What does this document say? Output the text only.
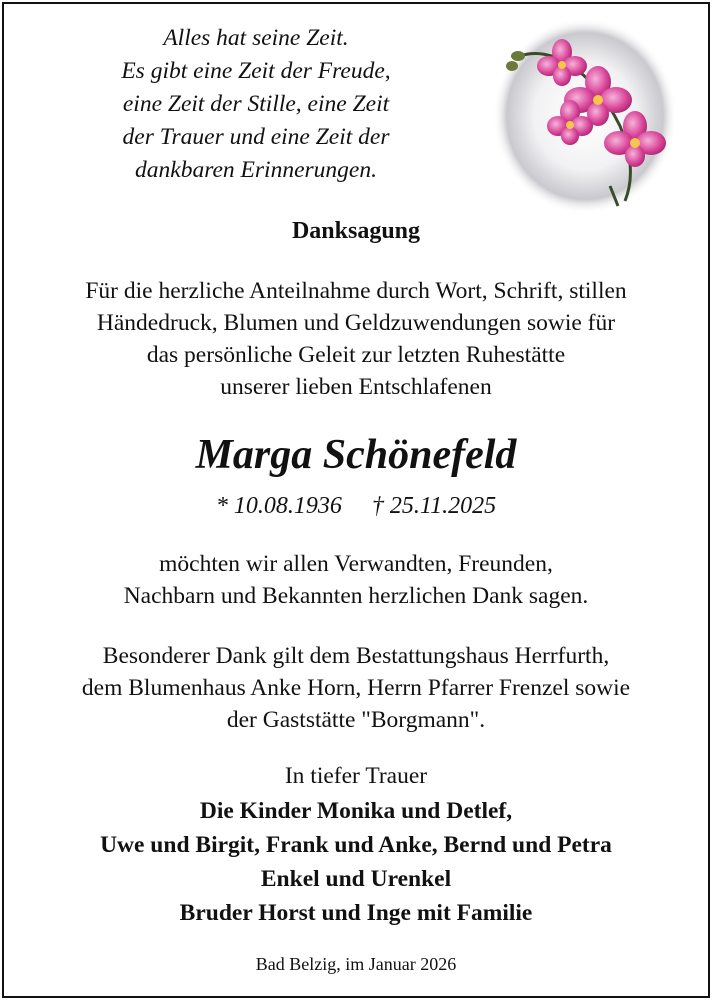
Alles hat seine Zeit.
Es gibt eine Zeit der Freude,
eine Zeit der Stille, eine Zeit
der Trauer und eine Zeit der
dankbaren Erinnerungen.
Danksagung
Für die herzliche Anteilnahme durch Wort, Schrift, stillen
Händedruck, Blumen und Geldzuwendungen sowie für
das persönliche Geleit zur letzten Ruhestätte
unserer lieben Entschlafenen
Marga Schönefeld
* 10.08.1936 † 25.11.2025
möchten wir allen Verwandten, Freunden,
Nachbarn und Bekannten herzlichen Dank sagen.
Besonderer Dank gilt dem Bestattungshaus Herrfurth,
dem Blumenhaus Anke Horn, Herrn Pfarrer Frenzel sowie
der Gaststätte "Borgmann".
In tiefer Trauer
Die Kinder Monika und Detlef,
Uwe und Birgit, Frank und Anke, Bernd und Petra
Enkel und Urenkel
Bruder Horst und Inge mit Familie
Bad Belzig, im Januar 2026
